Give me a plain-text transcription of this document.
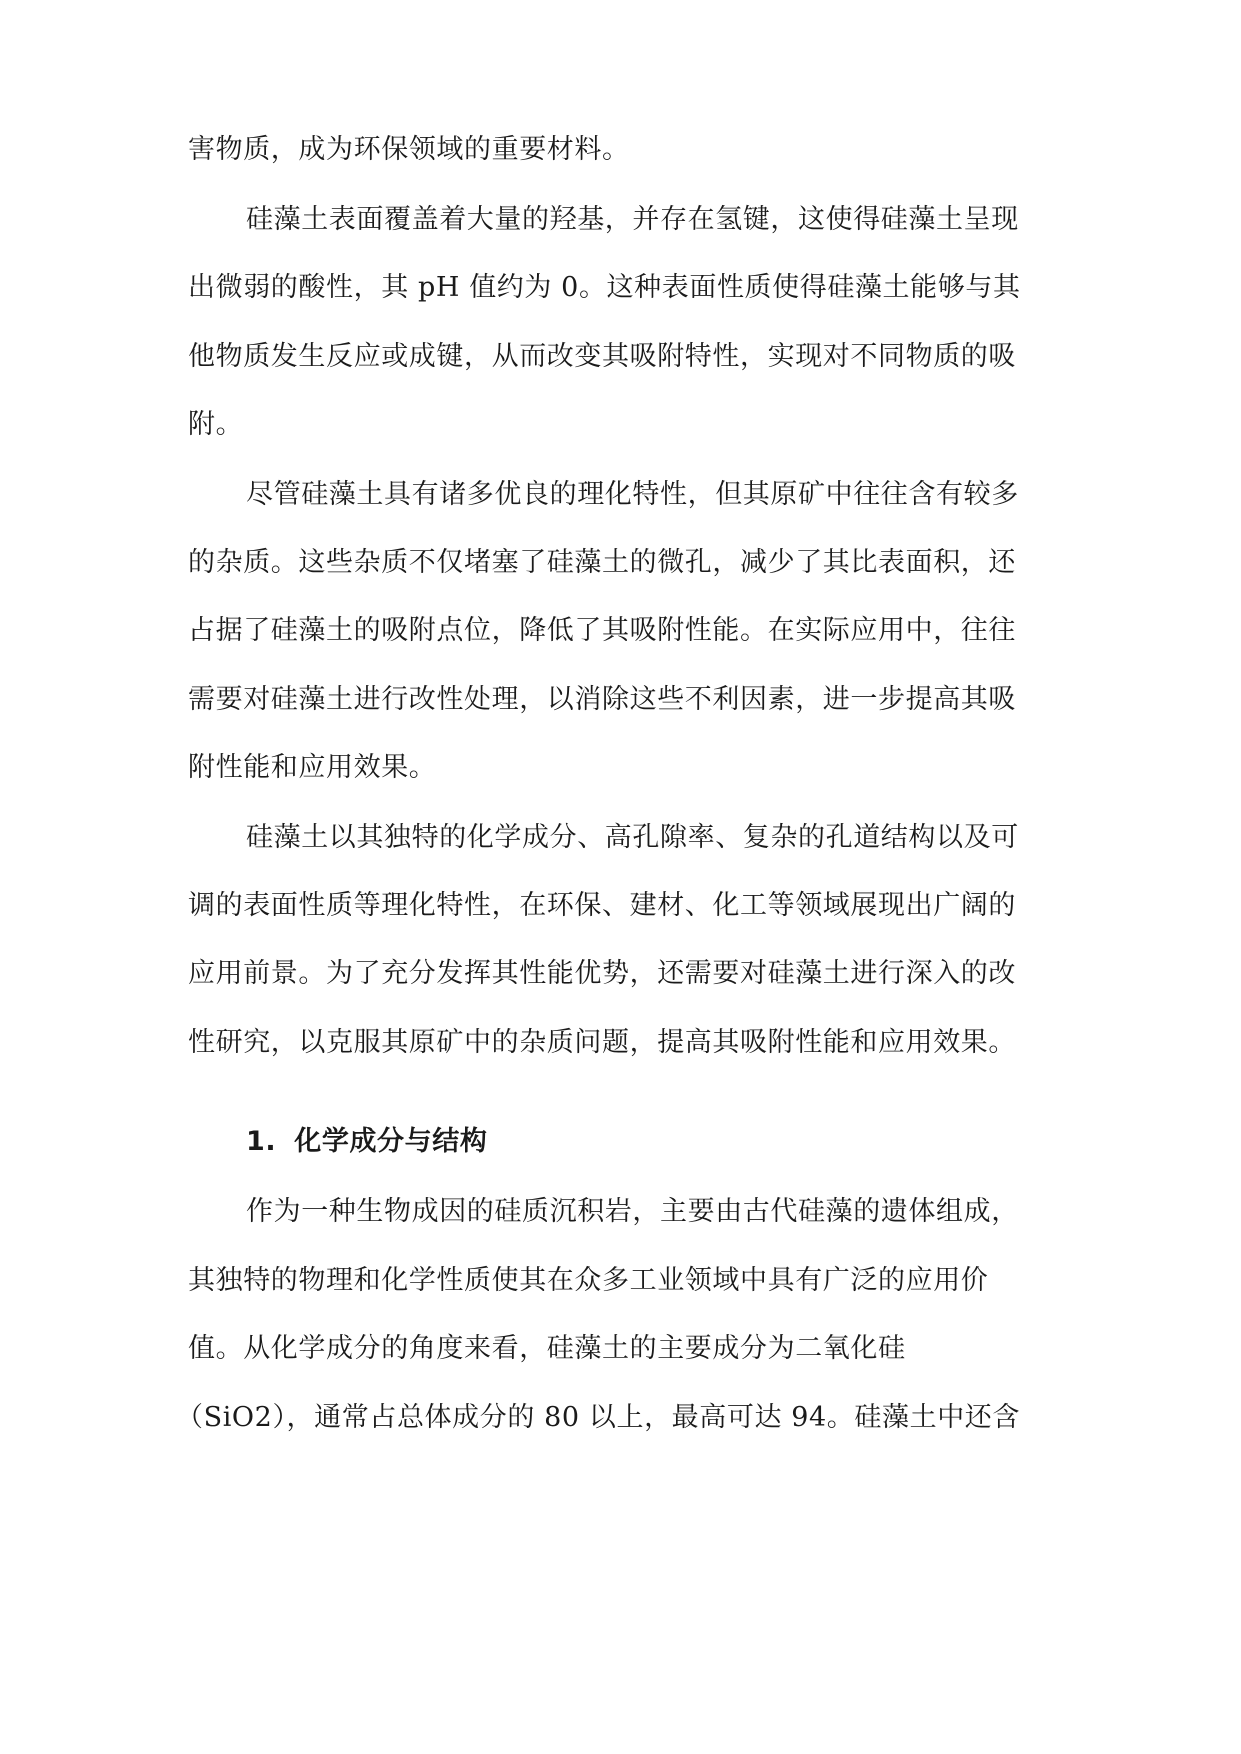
害物质，成为环保领域的重要材料。
硅藻土表面覆盖着大量的羟基，并存在氢键，这使得硅藻土呈现
出微弱的酸性，其 pH 值约为 0。这种表面性质使得硅藻土能够与其
他物质发生反应或成键，从而改变其吸附特性，实现对不同物质的吸
附。
尽管硅藻土具有诸多优良的理化特性，但其原矿中往往含有较多
的杂质。这些杂质不仅堵塞了硅藻土的微孔，减少了其比表面积，还
占据了硅藻土的吸附点位，降低了其吸附性能。在实际应用中，往往
需要对硅藻土进行改性处理，以消除这些不利因素，进一步提高其吸
附性能和应用效果。
硅藻土以其独特的化学成分、高孔隙率、复杂的孔道结构以及可
调的表面性质等理化特性，在环保、建材、化工等领域展现出广阔的
应用前景。为了充分发挥其性能优势，还需要对硅藻土进行深入的改
性研究，以克服其原矿中的杂质问题，提高其吸附性能和应用效果。
1. 化学成分与结构
作为一种生物成因的硅质沉积岩，主要由古代硅藻的遗体组成，
其独特的物理和化学性质使其在众多工业领域中具有广泛的应用价
值。从化学成分的角度来看，硅藻土的主要成分为二氧化硅
（SiO2），通常占总体成分的 80 以上，最高可达 94。硅藻土中还含
